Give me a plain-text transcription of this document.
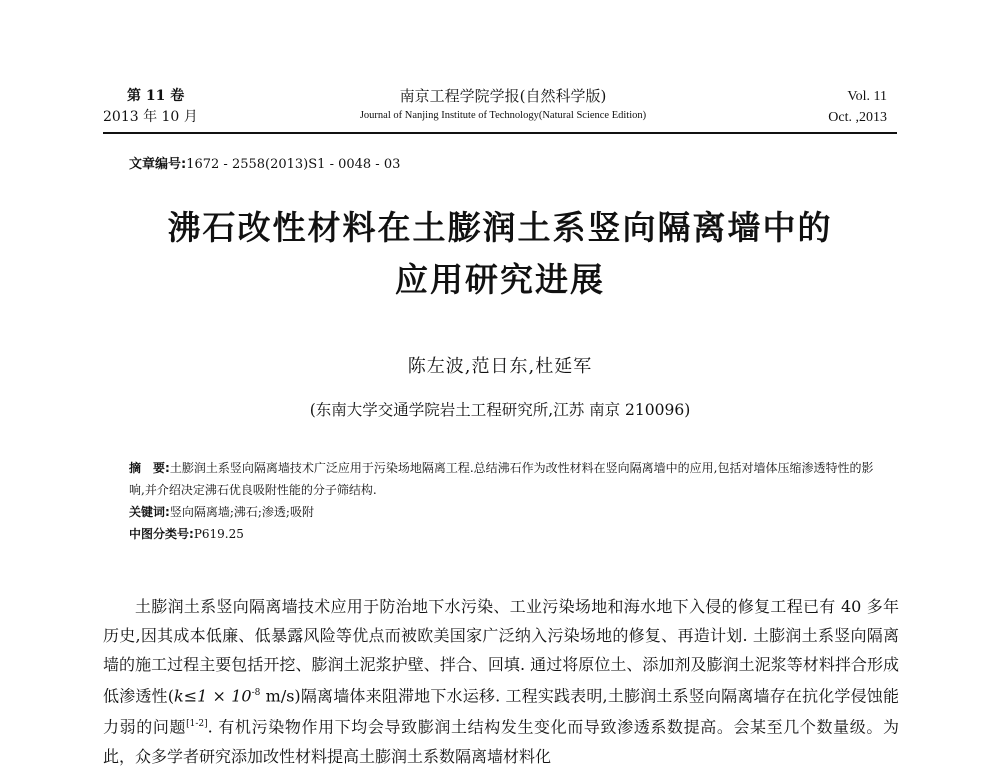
第 11 卷
2013 年 10 月
南京工程学院学报(自然科学版)
Journal of Nanjing Institute of Technology(Natural Science Edition)
Vol. 11
Oct. ,2013
文章编号:1672 - 2558(2013)S1 - 0048 - 03
沸石改性材料在土膨润土系竖向隔离墙中的
应用研究进展
陈左波,范日东,杜延军
(东南大学交通学院岩土工程研究所,江苏 南京 210096)

摘　要:土膨润土系竖向隔离墙技术广泛应用于污染场地隔离工程.总结沸石作为改性材料在竖向隔离墙中的应用,包括对墙体压缩渗透特性的影响,并介绍决定沸石优良吸附性能的分子筛结构.

关键词:竖向隔离墙;沸石;渗透;吸附

中图分类号:P619.25

土膨润土系竖向隔离墙技术应用于防治地下水污染、工业污染场地和海水地下入侵的修复工程已有 40 多年历史,因其成本低廉、低暴露风险等优点而被欧美国家广泛纳入污染场地的修复、再造计划. 土膨润土系竖向隔离墙的施工过程主要包括开挖、膨润土泥浆护壁、拌合、回填. 通过将原位土、添加剂及膨润土泥浆等材料拌合形成低渗透性($k\le 1 \times 10^{-8}$ m/s)隔离墙体来阻滞地下水运移. 工程实践表明,土膨润土系竖向隔离墙存在抗化学侵蚀能力弱的问题[1-2]. 有机污染物作用下均会导致膨润土结构发生变化而导致渗透系数提高。会某至几个数量级。为此，众多学者研究添加改性材料提高土膨润土系数隔离墙材料化
